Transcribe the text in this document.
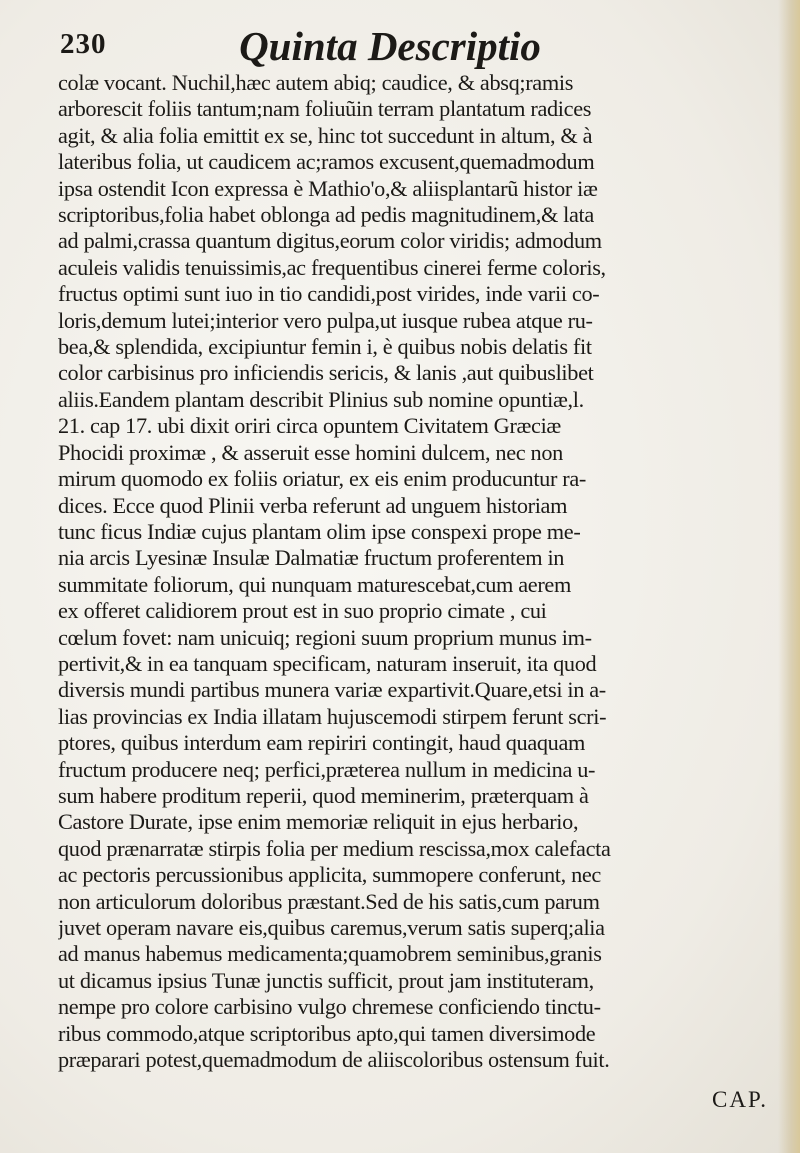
230	Quinta Descriptio
colæ vocant. Nuchil,hæc autem abiq; caudice, & absq;ramis
arborescit foliis tantum;nam foliuũin terram plantatum radices
agit, & alia folia emittit ex se, hinc tot succedunt in altum, & à
lateribus folia, ut caudicem ac;ramos excusent,quemadmodum
ipsa ostendit Icon expressa è Mathio'o,& aliisplantarũ histor iæ
scriptoribus,folia habet oblonga ad pedis magnitudinem,& lata
ad palmi,crassa quantum digitus,eorum color viridis; admodum
aculeis validis tenuissimis,ac frequentibus cinerei ferme coloris,
fructus optimi sunt iuo in tio candidi,post virides, inde varii co-
loris,demum lutei;interior vero pulpa,ut iusque rubea atque ru-
bea,& splendida, excipiuntur femin i, è quibus nobis delatis fit
color carbisinus pro inficiendis sericis, & lanis ,aut quibuslibet
aliis.Eandem plantam describit Plinius sub nomine opuntiæ,l.
21. cap 17. ubi dixit oriri circa opuntem Civitatem Græciæ
Phocidi proximæ , & asseruit esse homini dulcem, nec non
mirum quomodo ex foliis oriatur, ex eis enim producuntur ra-
dices. Ecce quod Plinii verba referunt ad unguem historiam
tunc ficus Indiæ cujus plantam olim ipse conspexi prope me-
nia arcis Lyesinæ Insulæ Dalmatiæ fructum proferentem in
summitate foliorum, qui nunquam maturescebat,cum aerem
ex offeret calidiorem prout est in suo proprio cimate , cui
cœlum fovet: nam unicuiq; regioni suum proprium munus im-
pertivit,& in ea tanquam specificam, naturam inseruit, ita quod
diversis mundi partibus munera variæ expartivit.Quare,etsi in a-
lias provincias ex India illatam hujuscemodi stirpem ferunt scri-
ptores, quibus interdum eam repiriri contingit, haud quaquam
fructum producere neq; perfici,præterea nullum in medicina u-
sum habere proditum reperii, quod meminerim, præterquam à
Castore Durate, ipse enim memoriæ reliquit in ejus herbario,
quod prænarratæ stirpis folia per medium rescissa,mox calefacta
ac pectoris percussionibus applicita, summopere conferunt, nec
non articulorum doloribus præstant.Sed de his satis,cum parum
juvet operam navare eis,quibus caremus,verum satis superq;alia
ad manus habemus medicamenta;quamobrem seminibus,granis
ut dicamus ipsius Tunæ junctis sufficit, prout jam instituteram,
nempe pro colore carbisino vulgo chremese conficiendo tinctu-
ribus commodo,atque scriptoribus apto,qui tamen diversimode
præparari potest,quemadmodum de aliiscoloribus ostensum fuit.
CAP.
